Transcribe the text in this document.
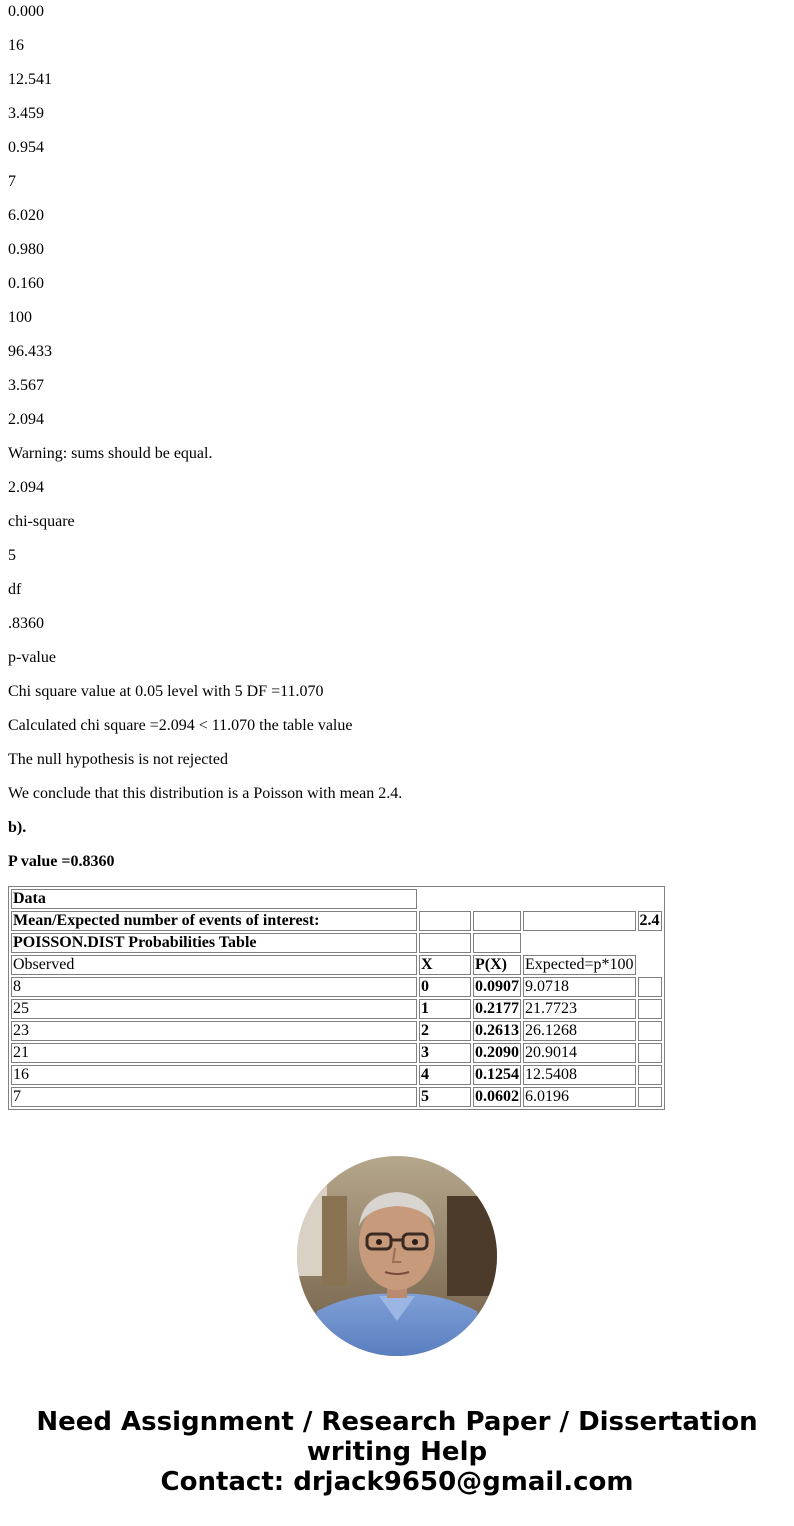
0.000

16

12.541

3.459

0.954

7

6.020

0.980

0.160

100

96.433

3.567

2.094

Warning: sums should be equal.

2.094

chi-square

5

df

.8360

p-value

Chi square value at 0.05 level with 5 DF =11.070

Calculated chi square =2.094 < 11.070 the table value

The null hypothesis is not rejected

We conclude that this distribution is a Poisson with mean 2.4.

b).

P value =0.8360

Data				
Mean/Expected number of events of interest:				2.4
POISSON.DIST Probabilities Table				
Observed	X	P(X)	Expected=p*100	
8	0	0.0907	9.0718	
25	1	0.2177	21.7723	
23	2	0.2613	26.1268	
21	3	0.2090	20.9014	
16	4	0.1254	12.5408	
7	5	0.0602	6.0196	
Need Assignment / Research Paper / Dissertation
writing Help
Contact: drjack9650@gmail.com
